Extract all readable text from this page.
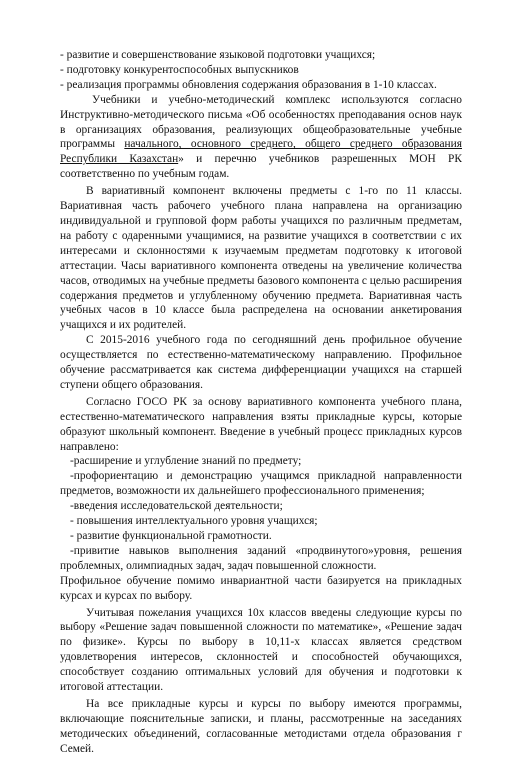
- развитие и совершенствование языковой подготовки учащихся;

- подготовку конкурентоспособных выпускников

- реализация программы обновления содержания образования в 1-10 классах.

Учебники и учебно-методический комплекс используются согласно Инструктивно-методического письма «Об особенностях преподавания основ наук в организациях образования, реализующих общеобразовательные учебные программы начального, основного среднего, общего среднего образования Республики Казахстан» и перечню учебников разрешенных МОН РК соответственно по учебным годам.

В вариативный компонент включены предметы с 1-го по 11 классы. Вариативная часть рабочего учебного плана направлена на организацию индивидуальной и групповой форм работы учащихся по различным предметам, на работу с одаренными учащимися, на развитие учащихся в соответствии с их интересами и склонностями к изучаемым предметам подготовку к итоговой аттестации. Часы вариативного компонента отведены на увеличение количества часов, отводимых на учебные предметы базового компонента с целью расширения содержания предметов и углубленному обучению предмета. Вариативная часть учебных часов в 10 классе была распределена на основании анкетирования учащихся и их родителей.

С 2015-2016 учебного года по сегодняшний день профильное обучение осуществляется по естественно-математическому направлению. Профильное обучение рассматривается как система дифференциации учащихся на старшей ступени общего образования.

Согласно ГОСО РК за основу вариативного компонента учебного плана, естественно-математического направления взяты прикладные курсы, которые образуют школьный компонент. Введение в учебный процесс прикладных курсов направлено:

-расширение и углубление знаний по предмету;

-профориентацию и демонстрацию учащимся прикладной направленности предметов, возможности их дальнейшего профессионального применения;

-введения исследовательской деятельности;

- повышения интеллектуального уровня учащихся;

- развитие функциональной грамотности.

-привитие навыков выполнения заданий «продвинутого»уровня, решения проблемных, олимпиадных задач, задач повышенной сложности.

Профильное обучение помимо инвариантной части базируется на прикладных курсах и курсах по выбору.

Учитывая пожелания учащихся 10х классов введены следующие курсы по выбору «Решение задач повышенной сложности по математике», «Решение задач по физике». Курсы по выбору в 10,11-х классах является средством удовлетворения интересов, склонностей и способностей обучающихся, способствует созданию оптимальных условий для обучения и подготовки к итоговой аттестации.

На все прикладные курсы и курсы по выбору имеются программы, включающие пояснительные записки, и планы, рассмотренные на заседаниях методических объединений, согласованные методистами отдела образования г Семей.
